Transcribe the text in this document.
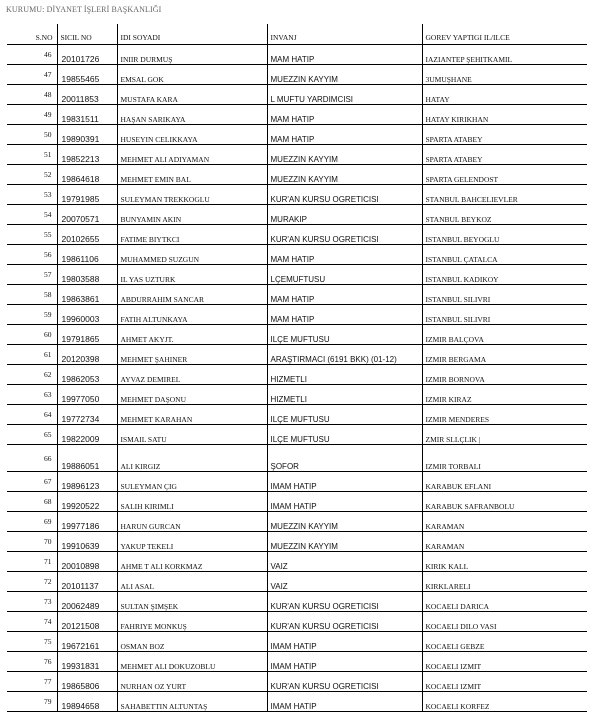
KURUMU: DİYANET İŞLERİ BAŞKANLIĞI
S.NO	SICIL NO	IDI SOYADI	INVANJ	GOREV YAPTIGI IL/ILCE
46	20101726	INIIR DURMUŞ	MAM HATIP	IAZIANTEP ŞEHITKAMIL
47	19855465	EMSAL GOK	MUEZZIN KAYYIM	3UMUŞHANE
48	20011853	MUSTAFA KARA	L MUFTU YARDIMCISI	HATAY
49	19831511	HAŞAN SARIKAYA	MAM HATIP	HATAY KIRIKHAN
50	19890391	HUSEYIN CELIKKAYA	MAM HATIP	SPARTA ATABEY
51	19852213	MEHMET ALI ADIYAMAN	MUEZZIN KAYYIM	SPARTA ATABEY
52	19864618	MEHMET EMIN BAL	MUEZZIN KAYYIM	SPARTA GELENDOST
53	19791985	SULEYMAN TREKKOGLU	KUR'AN KURSU OGRETICISI	STANBUL BAHCELIEVLER
54	20070571	BUNYAMIN AKIN	MURAKIP	STANBUL BEYKOZ
55	20102655	FATIME BIYTKCI	KUR'AN KURSU OGRETICISI	ISTANBUL BEYOGLU
56	19861106	MUHAMMED SUZGUN	MAM HATIP	ISTANBUL ÇATALCA
57	19803588	IL YAS UZTURK	LÇEMUFTUSU	ISTANBUL KADIKOY
58	19863861	ABDURRAHIM SANCAR	MAM HATIP	ISTANBUL SILIVRI
59	19960003	FATIH ALTUNKAYA	MAM HATIP	ISTANBUL SILIVRI
60	19791865	AHMET AKYJT.	ILÇE MUFTUSU	IZMIR BALÇOVA
61	20120398	MEHMET ŞAHINER	ARAŞTIRMACI (6191 BKK) (01-12)	IZMIR BERGAMA
62	19862053	AYVAZ DEMIREL	HIZMETLI	IZMIR BORNOVA
63	19977050	MEHMET DAŞONU	HIZMETLI	IZMIR KIRAZ
64	19772734	MEHMET KARAHAN	ILÇE MUFTUSU	IZMIR MENDERES
65	19822009	ISMAIL SATU	ILÇE MUFTUSU	ZMIR SLLÇLIK |
66	19886051	ALI KIRGIZ	ŞOFOR	IZMIR TORBALI
67	19896123	SULEYMAN ÇIG	IMAM HATIP	KARABUK EFLANI
68	19920522	SALIH KIRIMLI	IMAM HATIP	KARABUK SAFRANBOLU
69	19977186	HARUN GURCAN	MUEZZIN KAYYIM	KARAMAN
70	19910639	YAKUP TEKELI	MUEZZIN KAYYIM	KARAMAN
71	20010898	AHME T ALI KORKMAZ	VAIZ	KIRIK KALL
72	20101137	ALI ASAL	VAIZ	KIRKLARELI
73	20062489	SULTAN ŞIMŞEK	KUR'AN KURSU OGRETICISI	KOCAELI DARICA
74	20121508	FAHRIYE MONKUŞ	KUR'AN KURSU OGRETICISI	KOCAELI DILO VASI
75	19672161	OSMAN BOZ	IMAM HATIP	KOCAELI GEBZE
76	19931831	MEHMET ALI DOKUZOBLU	IMAM HATIP	KOCAELI IZMIT
77	19865806	NURHAN OZ YURT	KUR'AN KURSU OGRETICISI	KOCAELI IZMIT
79	19894658	SAHABETTIN ALTUNTAŞ	IMAM HATIP	KOCAELI KORFEZ
